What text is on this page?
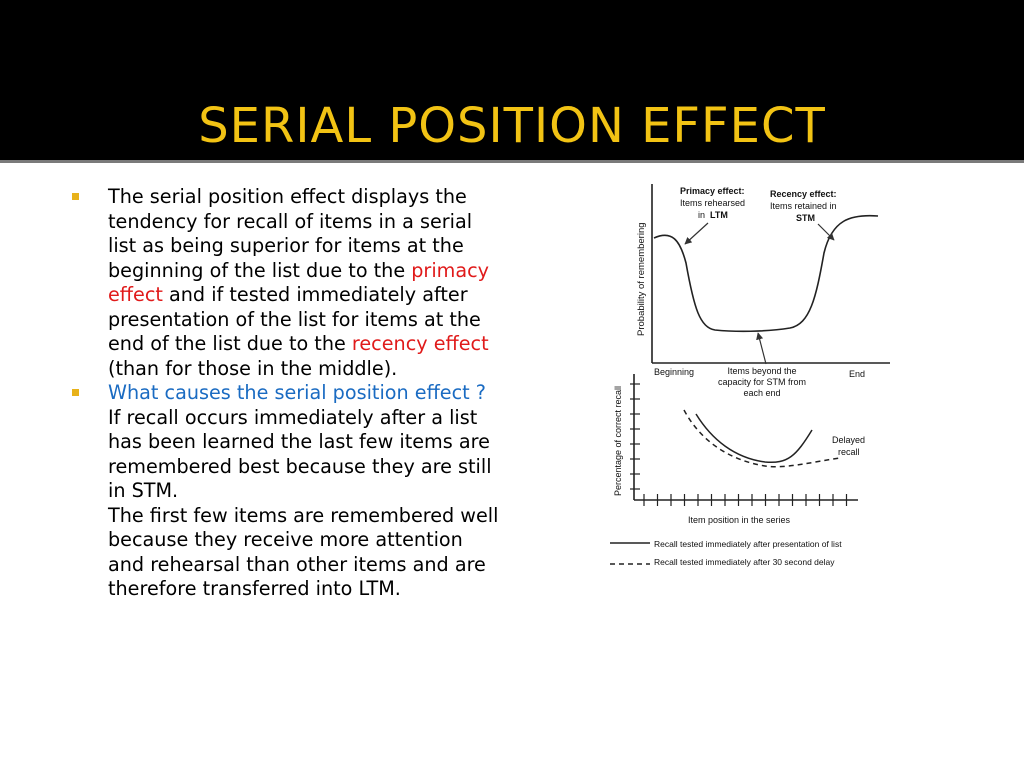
SERIAL POSITION EFFECT
The serial position effect displays the tendency for recall of items in a serial list as being superior for items at the beginning of the list due to the primacy effect and if tested immediately after presentation of the list for items at the end of the list due to the recency effect (than for those in the middle).
What causes the serial position effect ?
If recall occurs immediately after a list has been learned the last few items are remembered best because they are still in STM.
The first few items are remembered well because they receive more attention and rehearsal than other items and are therefore transferred into LTM.
Probability of remembering
Primacy effect:
Items rehearsed
in LTM
Recency effect:
Items retained in
STM
Beginning	End
Items beyond the
capacity for STM from
each end
Percentage of correct recall	Delayed
recall
Item position in the series
Recall tested immediately after presentation of list
Recall tested immediately after 30 second delay
